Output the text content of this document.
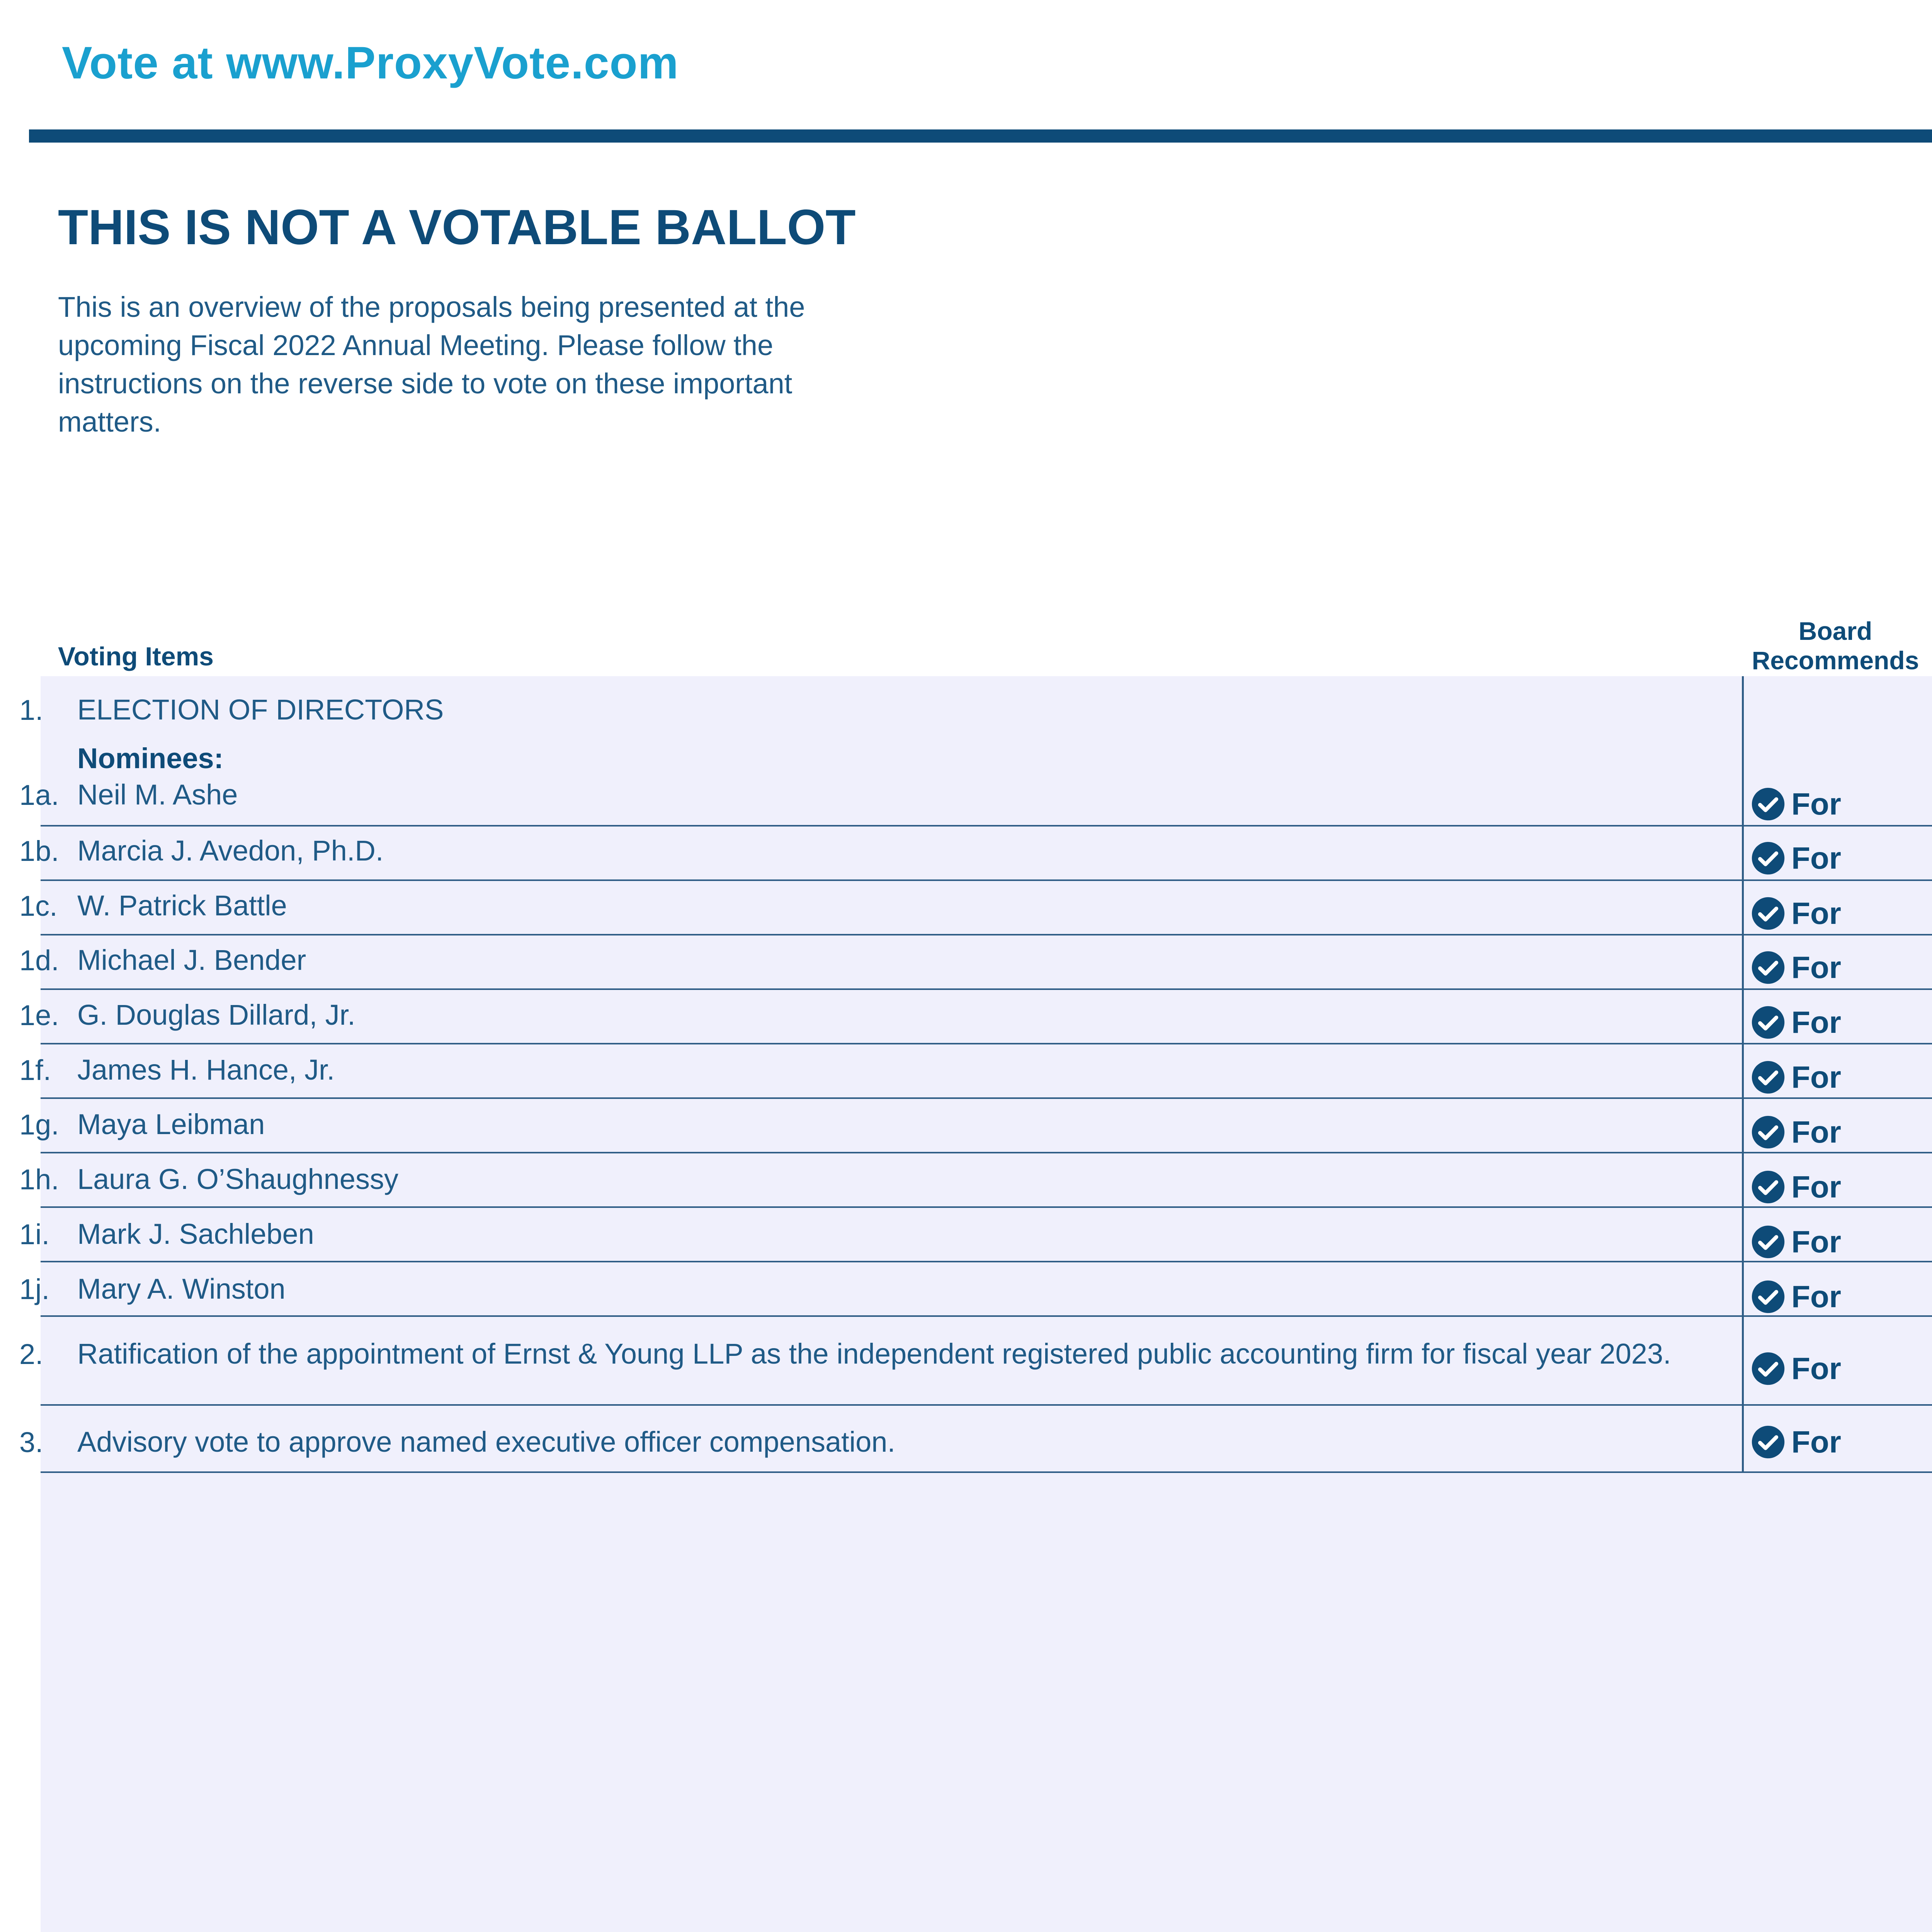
Vote at www.ProxyVote.com
THIS IS NOT A VOTABLE BALLOT
This is an overview of the proposals being presented at the upcoming Fiscal 2022 Annual Meeting. Please follow the instructions on the reverse side to vote on these important matters.
Board Recommends
Voting Items
1. ELECTION OF DIRECTORS
Nominees:
1a. Neil M. Ashe	For
1b. Marcia J. Avedon, Ph.D.	For
1c. W. Patrick Battle	For
1d. Michael J. Bender	For
1e. G. Douglas Dillard, Jr.	For
1f. James H. Hance, Jr.	For
1g. Maya Leibman	For
1h. Laura G. O’Shaughnessy	For
1i. Mark J. Sachleben	For
1j. Mary A. Winston	For
2. Ratification of the appointment of Ernst & Young LLP as the independent registered public accounting firm for fiscal year 2023.	For
3. Advisory vote to approve named executive officer compensation.	For
